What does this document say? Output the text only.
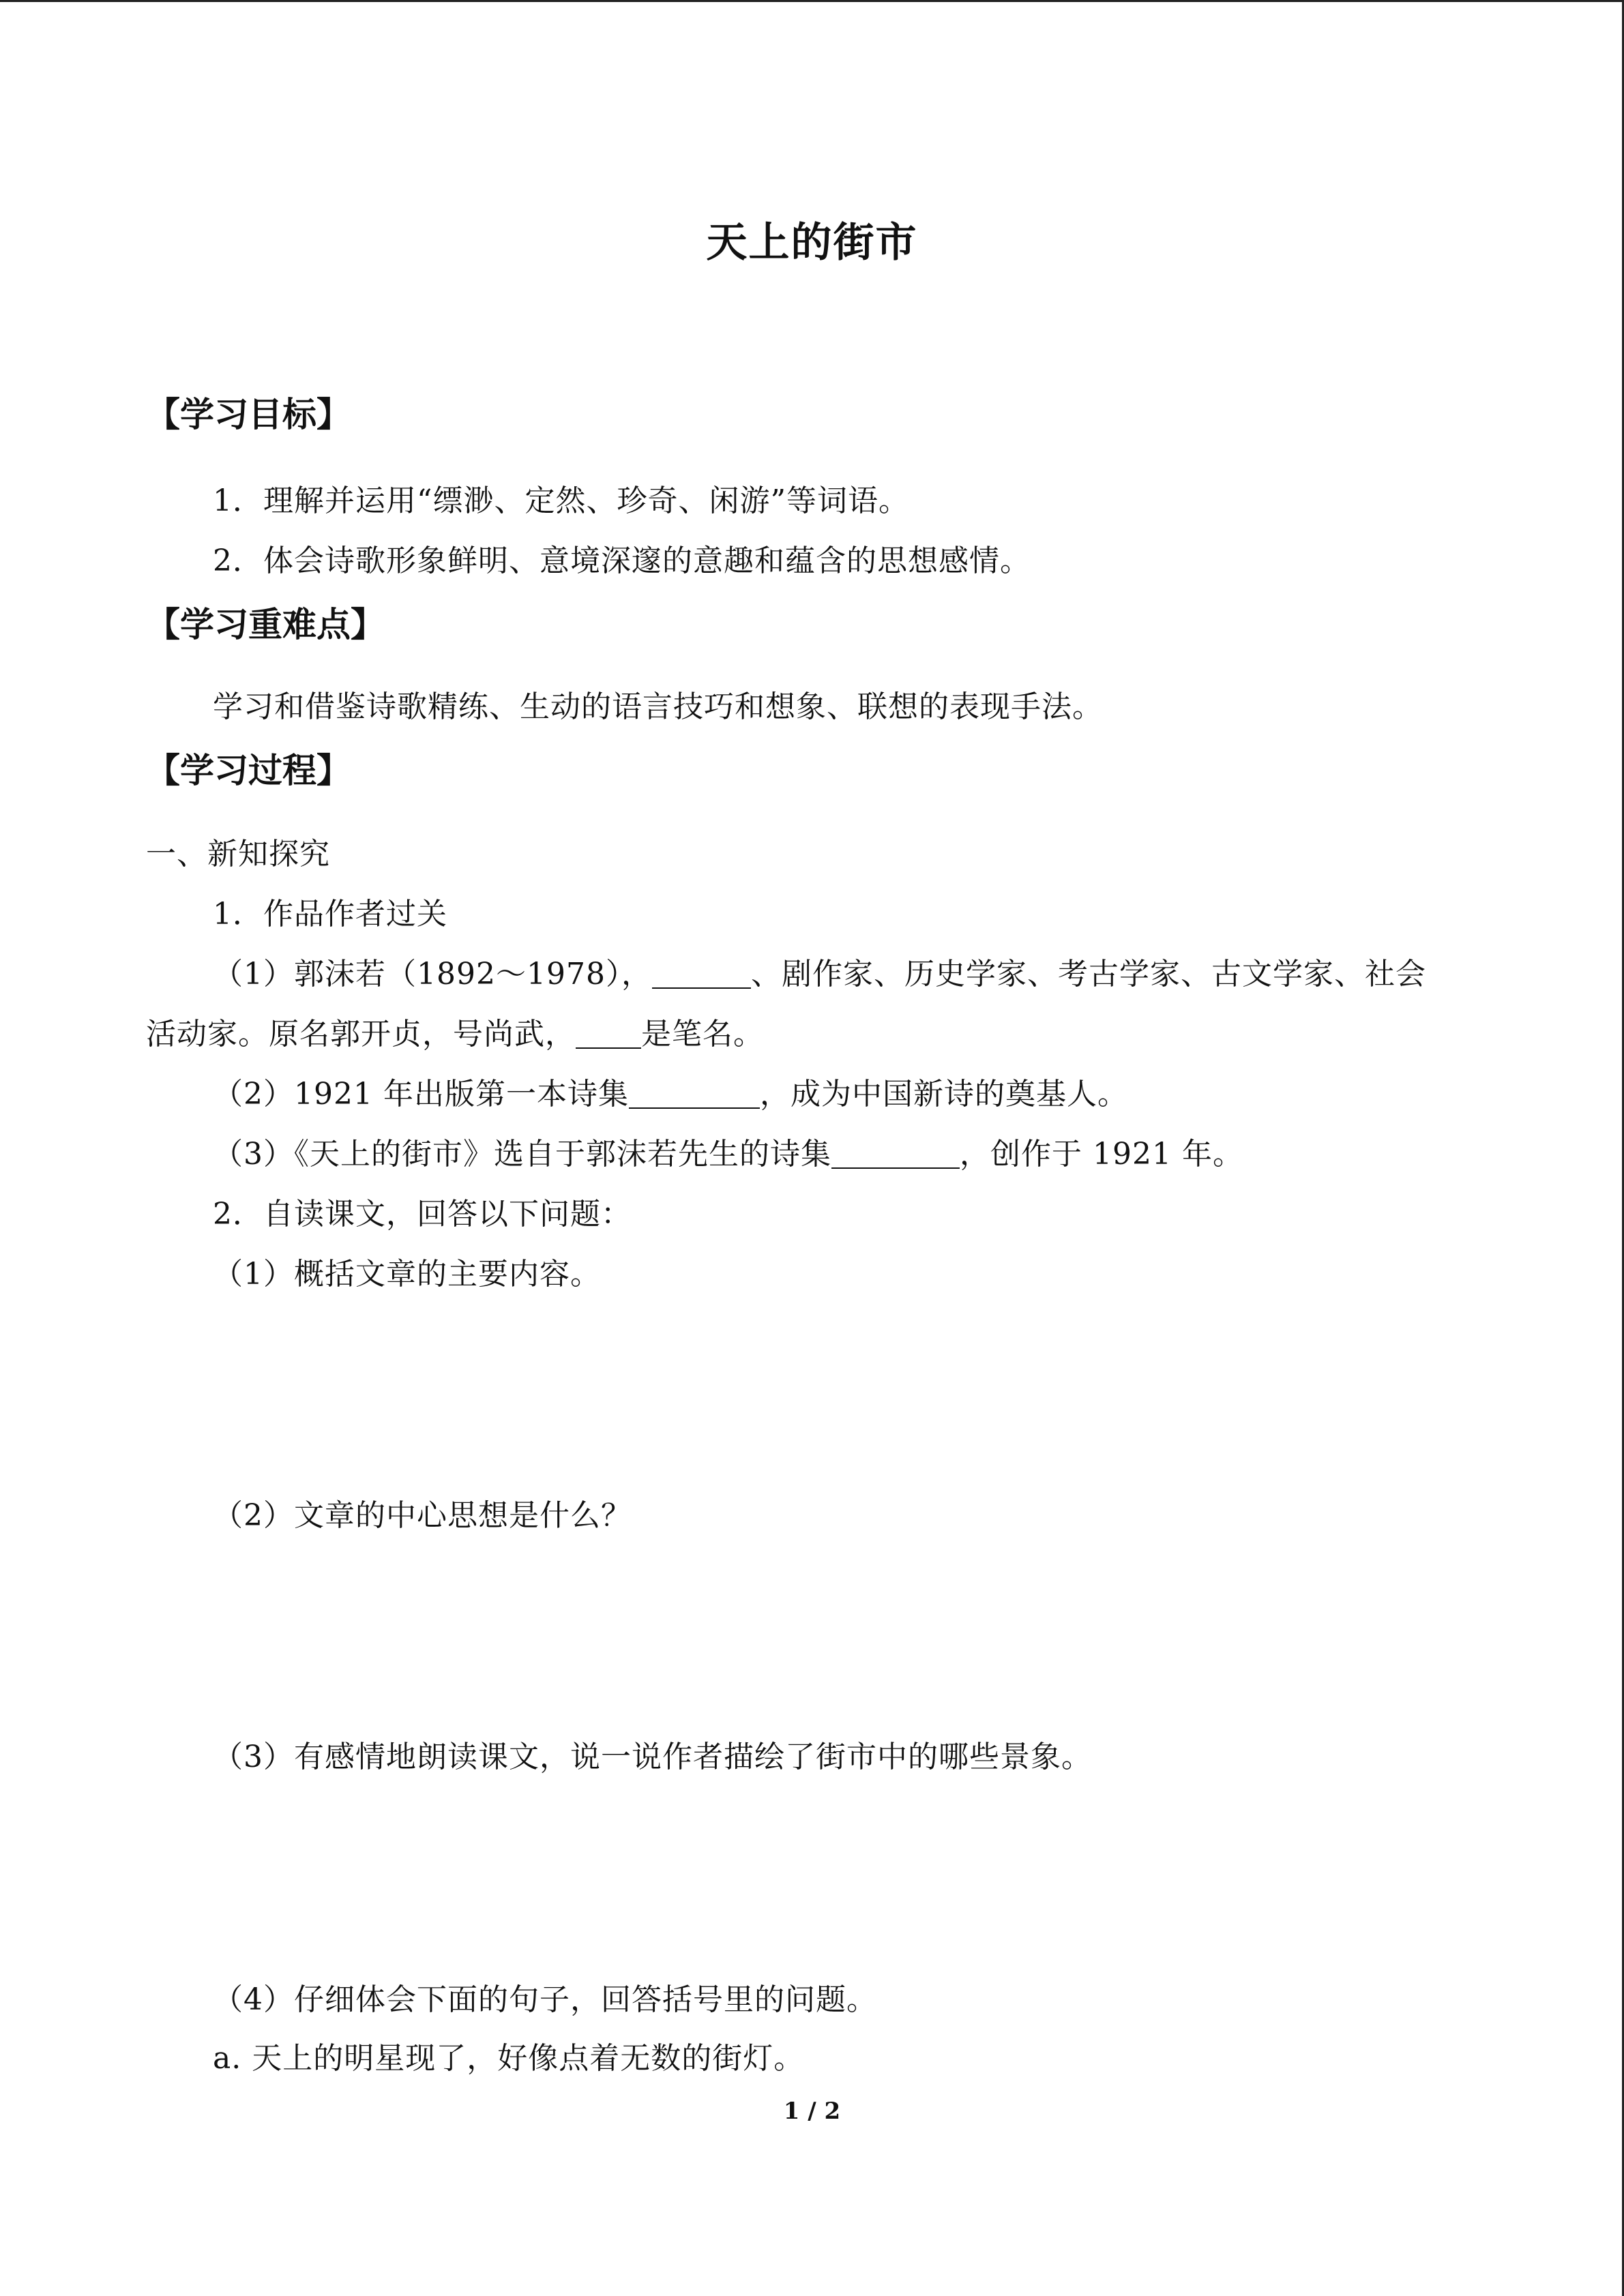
天上的街市
【学习目标】
1．理解并运用“缥渺、定然、珍奇、闲游”等词语。
2．体会诗歌形象鲜明、意境深邃的意趣和蕴含的思想感情。
【学习重难点】
学习和借鉴诗歌精练、生动的语言技巧和想象、联想的表现手法。
【学习过程】
一、新知探究
1．作品作者过关
（1）郭沫若（1892～1978），	、剧作家、历史学家、考古学家、古文学家、社会
活动家。原名郭开贞，号尚武， 是笔名。
（2）1921 年出版第一本诗集	，成为中国新诗的奠基人。
（3）《天上的街市》选自于郭沫若先生的诗集	，创作于 1921 年。
2．自读课文，回答以下问题：
（1）概括文章的主要内容。
（2）文章的中心思想是什么？
（3）有感情地朗读课文，说一说作者描绘了街市中的哪些景象。
（4）仔细体会下面的句子，回答括号里的问题。
a. 天上的明星现了，好像点着无数的街灯。
1 / 2
